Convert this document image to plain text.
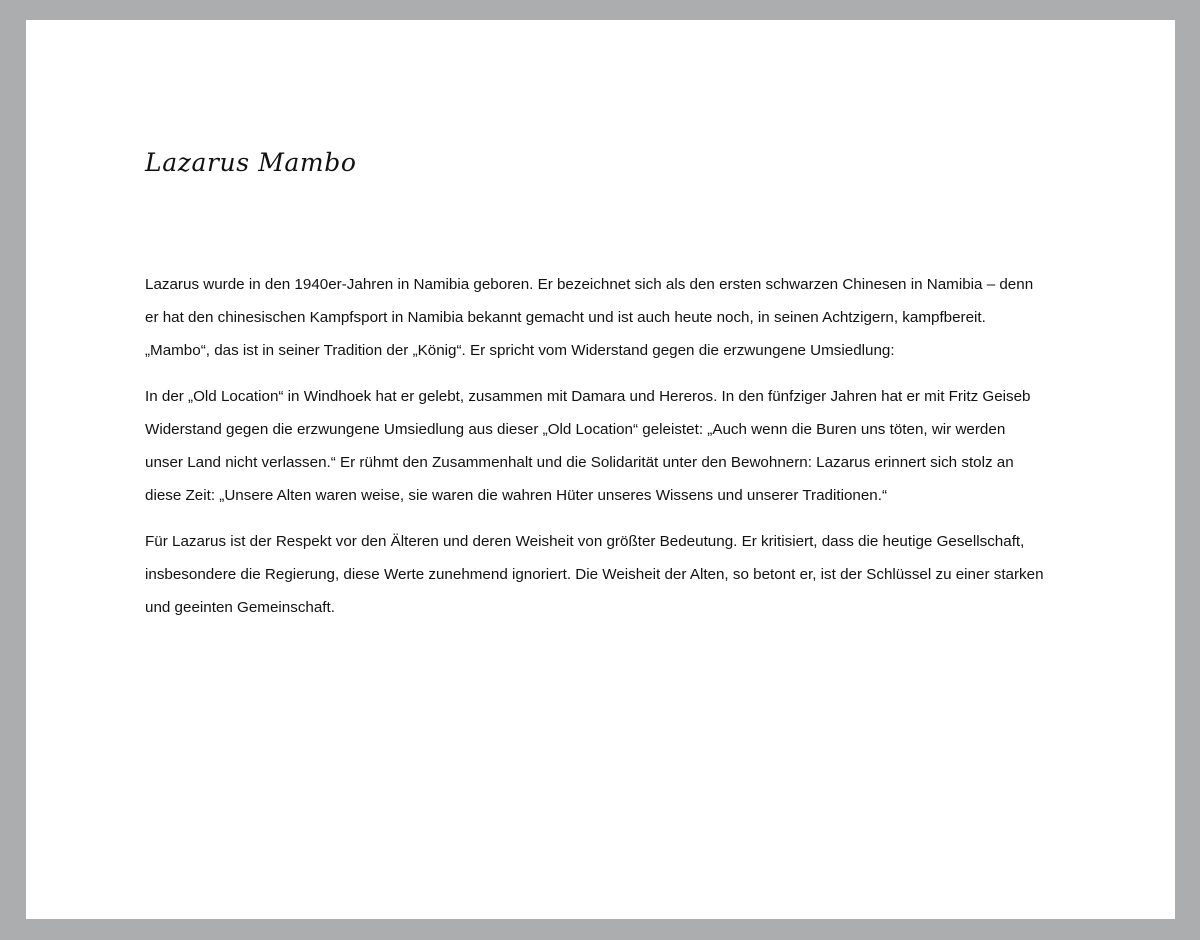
Lazarus Mambo

Lazarus wurde in den 1940er-Jahren in Namibia geboren. Er bezeichnet sich als den ersten schwarzen Chinesen in Namibia – denn er hat den chinesischen Kampfsport in Namibia bekannt gemacht und ist auch heute noch, in seinen Achtzigern, kampfbereit. „Mambo“, das ist in seiner Tradition der „König“. Er spricht vom Widerstand gegen die erzwungene Umsiedlung:

In der „Old Location“ in Windhoek hat er gelebt, zusammen mit Damara und Hereros. In den fünfziger Jahren hat er mit Fritz Geiseb Widerstand gegen die erzwungene Umsiedlung aus dieser „Old Location“ geleistet: „Auch wenn die Buren uns töten, wir werden unser Land nicht verlassen.“ Er rühmt den Zusammenhalt und die Solidarität unter den Bewohnern: Lazarus erinnert sich stolz an diese Zeit: „Unsere Alten waren weise, sie waren die wahren Hüter unseres Wissens und unserer Traditionen.“

Für Lazarus ist der Respekt vor den Älteren und deren Weisheit von größter Bedeutung. Er kritisiert, dass die heutige Gesellschaft, insbesondere die Regierung, diese Werte zunehmend ignoriert. Die Weisheit der Alten, so betont er, ist der Schlüssel zu einer starken und geeinten Gemeinschaft.
